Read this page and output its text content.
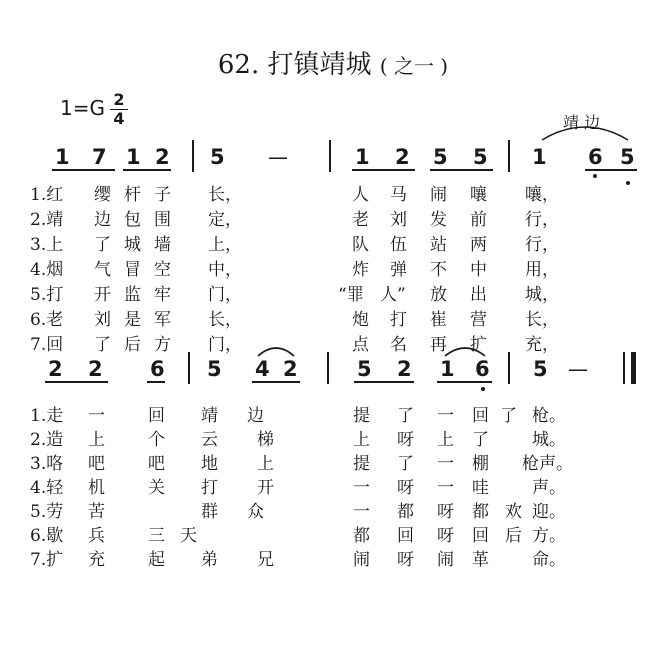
62. 打镇靖城 ( 之一 )
1=G 2
4	靖 边
1 7 1 2 5 —	1 2 5 5 1 6 5
1.红 缨 杆 子 长，	人 马 闹 嚷 嚷，
2.靖 边 包 围 定，	老 刘 发 前 行，
3.上 了 城 墙 上，	队 伍 站 两 行，
4.烟 气 冒 空 中，	炸 弹 不 中 用，
5.打 开 监 牢 门，	“罪 人” 放 出 城，
6.老 刘 是 军 长，	炮 打 崔 营 长，
7.回 了 后 方 门，	点 名 再 扩 充，
2 2 6 5 4 2	5 2 1 6 5 —
1.走 一	回 靖 边	提 了 一 回 了 枪。
2.造 上	个 云 梯	上 呀 上 了	城。
3.咯 吧	吧 地 上	提 了 一 棚 枪声。
4.轻 机	关 打 开	一 呀 一 哇	声。
5.劳 苦	群 众	一 都 呀 都 欢 迎。
6.歇 兵	三 天	都 回 呀 回 后 方。
7.扩 充	起 弟 兄	闹 呀 闹 革	命。
